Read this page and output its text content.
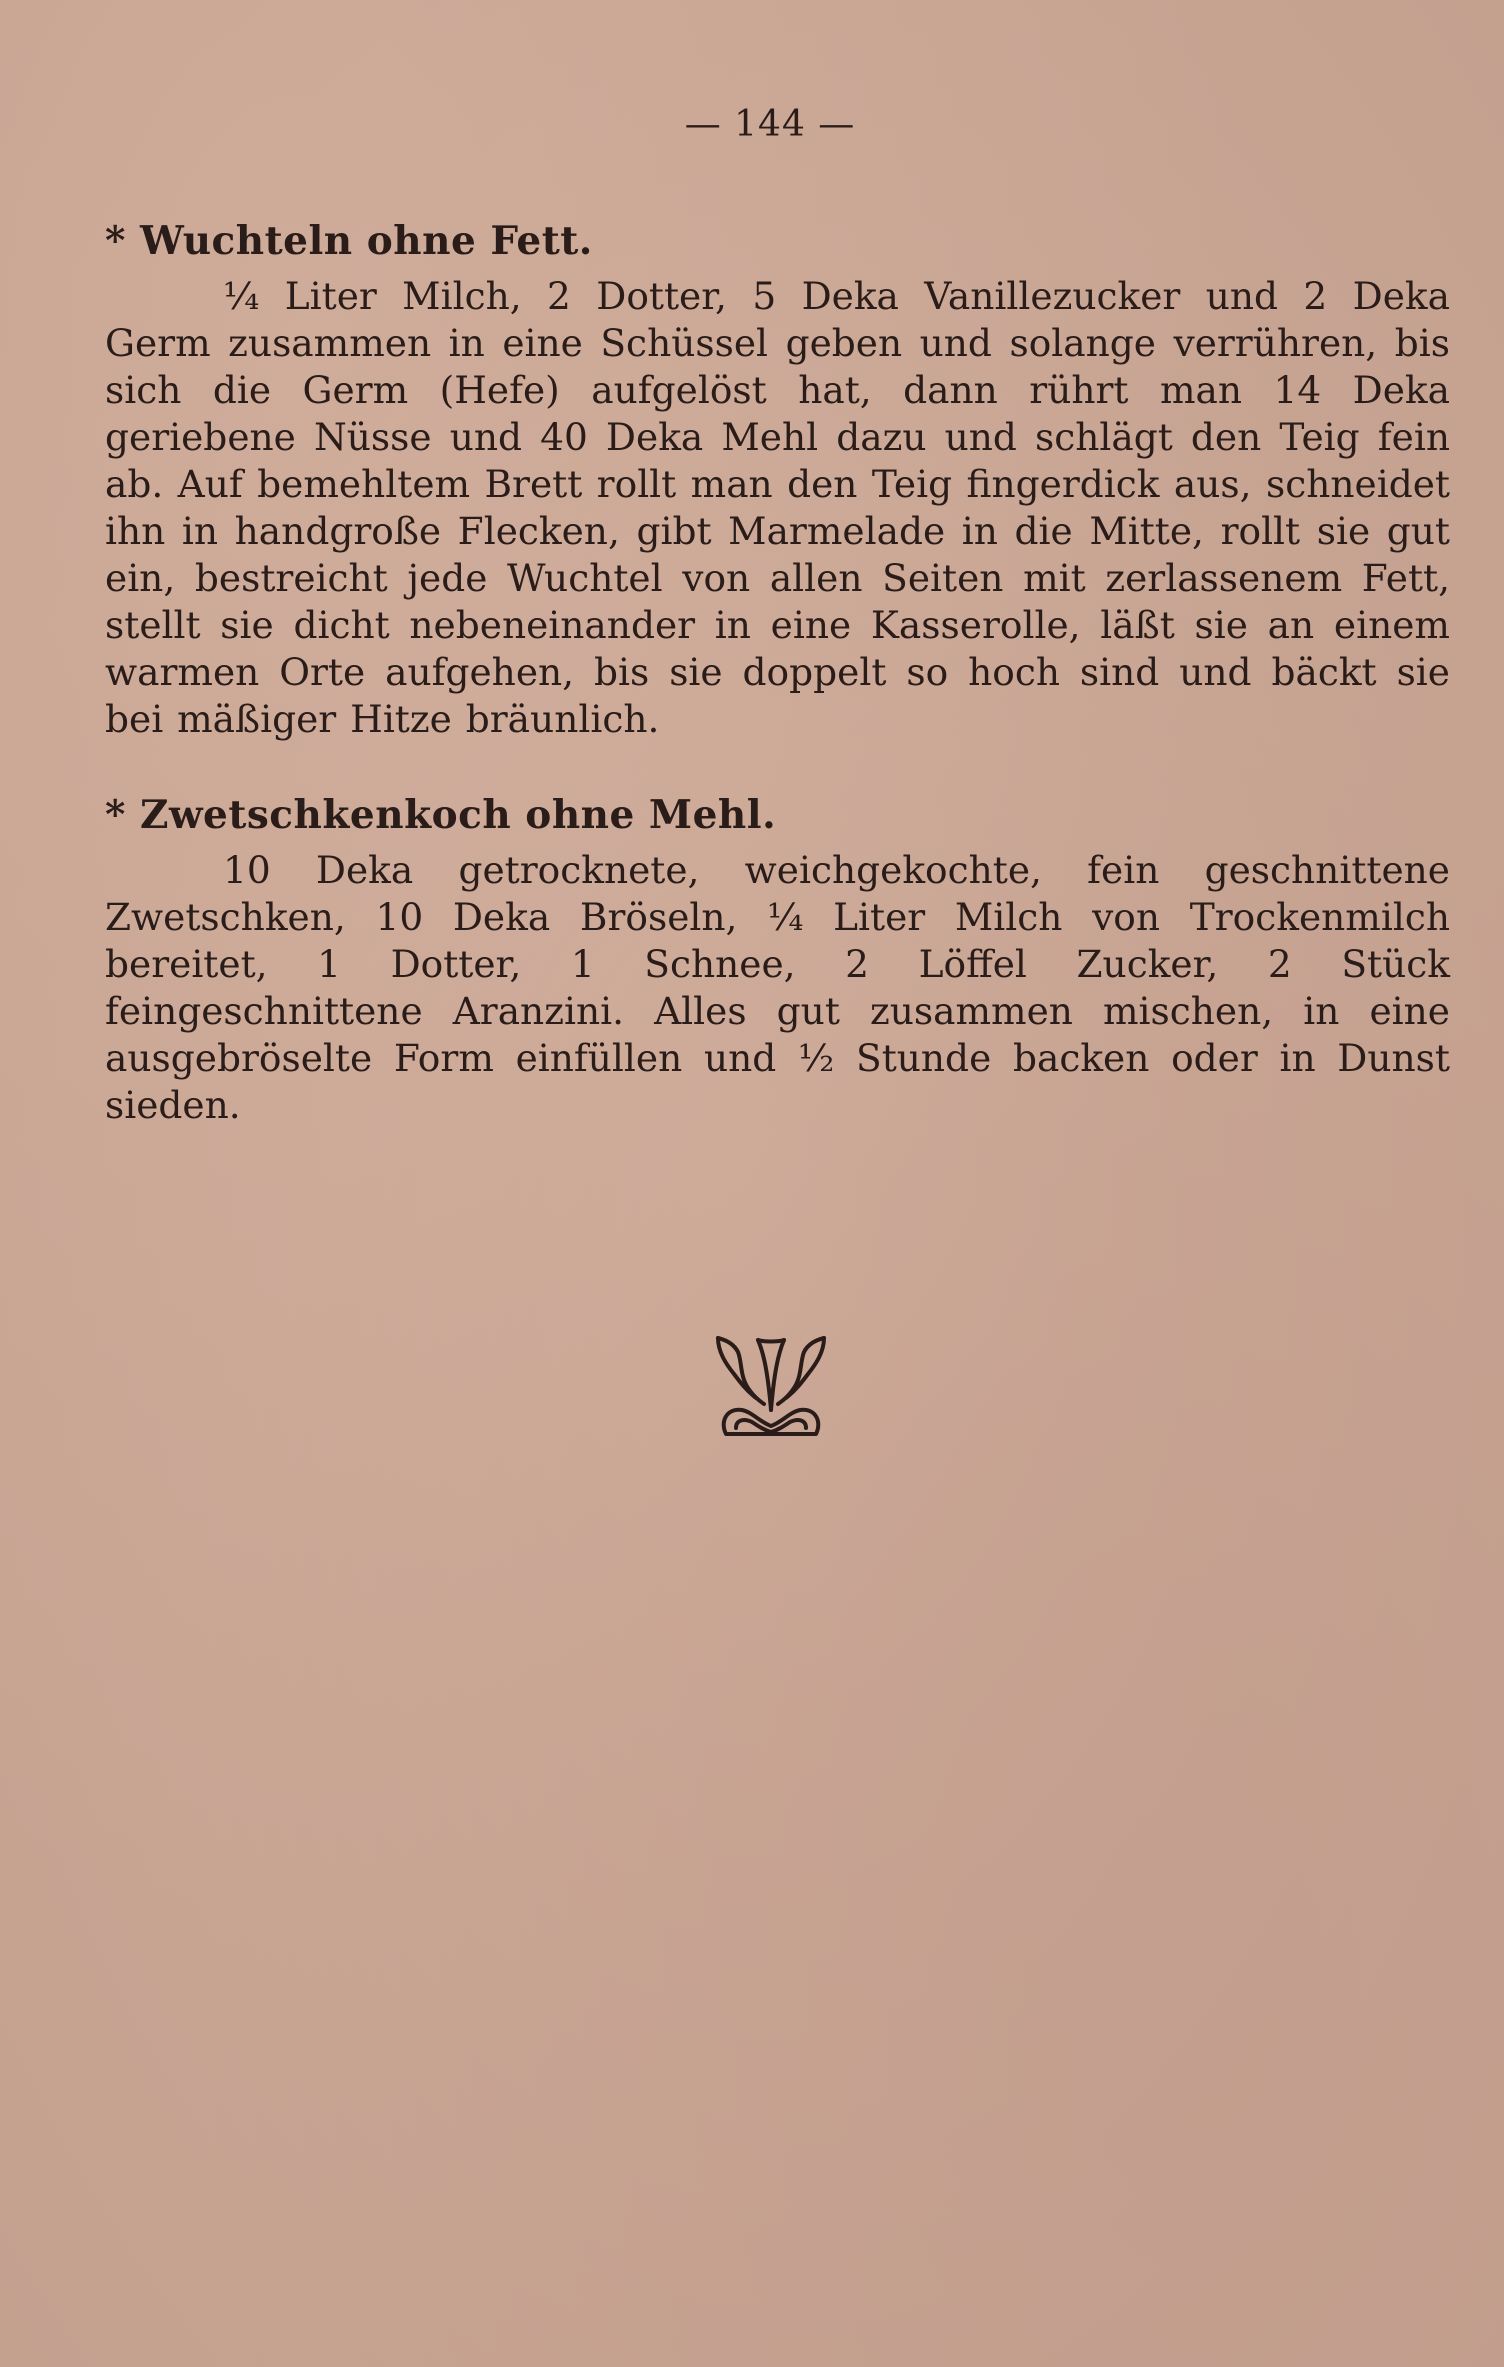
— 144 —
* Wuchteln ohne Fett.

¼ Liter Milch, 2 Dotter, 5 Deka Vanillezucker und 2 Deka Germ zusammen in eine Schüssel geben und solange verrühren, bis sich die Germ (Hefe) aufgelöst hat, dann rührt man 14 Deka geriebene Nüsse und 40 Deka Mehl dazu und schlägt den Teig fein ab. Auf bemehltem Brett rollt man den Teig fingerdick aus, schneidet ihn in handgroße Flecken, gibt Marmelade in die Mitte, rollt sie gut ein, bestreicht jede Wuchtel von allen Seiten mit zerlassenem Fett, stellt sie dicht nebeneinander in eine Kasserolle, läßt sie an einem warmen Orte aufgehen, bis sie doppelt so hoch sind und bäckt sie bei mäßiger Hitze bräunlich.

* Zwetschkenkoch ohne Mehl.

10 Deka getrocknete, weichgekochte, fein geschnittene Zwetschken, 10 Deka Bröseln, ¼ Liter Milch von Trockenmilch bereitet, 1 Dotter, 1 Schnee, 2 Löffel Zucker, 2 Stück feingeschnittene Aranzini. Alles gut zusammen mischen, in eine ausgebröselte Form einfüllen und ½ Stunde backen oder in Dunst sieden.
